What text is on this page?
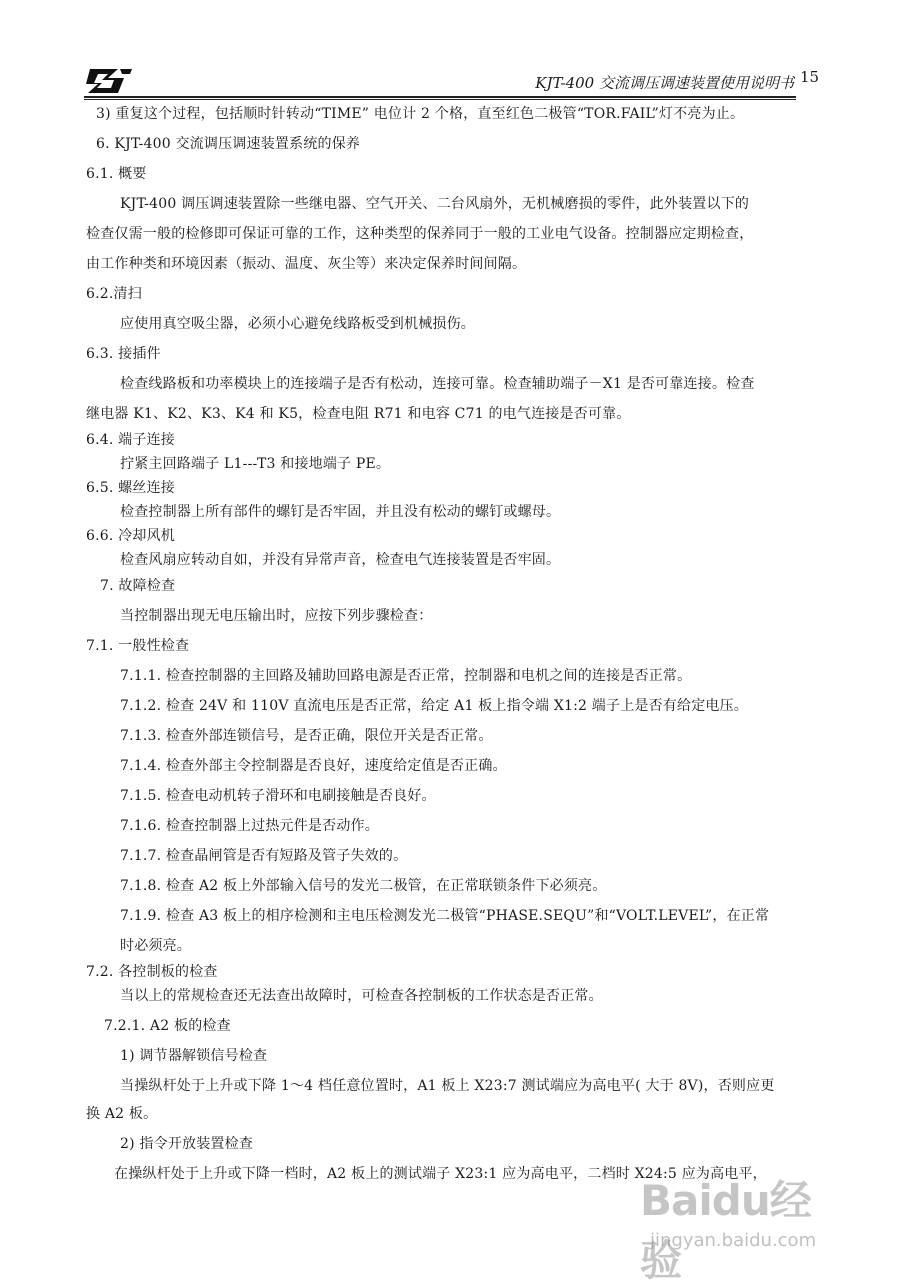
KJT-400 交流调压调速装置使用说明书 15
3) 重复这个过程，包括顺时针转动“TIME” 电位计 2 个格，直至红色二极管“TOR.FAIL”灯不亮为止。
6. KJT-400 交流调压调速装置系统的保养
6.1. 概要
KJT-400 调压调速装置除一些继电器、空气开关、二台风扇外，无机械磨损的零件，此外装置以下的
检查仅需一般的检修即可保证可靠的工作，这种类型的保养同于一般的工业电气设备。控制器应定期检查，
由工作种类和环境因素（振动、温度、灰尘等）来决定保养时间间隔。
6.2.清扫
应使用真空吸尘器，必须小心避免线路板受到机械损伤。
6.3. 接插件
检查线路板和功率模块上的连接端子是否有松动，连接可靠。检查辅助端子－X1 是否可靠连接。检查
继电器 K1、K2、K3、K4 和 K5，检查电阻 R71 和电容 C71 的电气连接是否可靠。
6.4. 端子连接
拧紧主回路端子 L1---T3 和接地端子 PE。
6.5. 螺丝连接
检查控制器上所有部件的螺钉是否牢固，并且没有松动的螺钉或螺母。
6.6. 冷却风机
检查风扇应转动自如，并没有异常声音，检查电气连接装置是否牢固。
7. 故障检查
当控制器出现无电压输出时，应按下列步骤检查：
7.1. 一般性检查
7.1.1. 检查控制器的主回路及辅助回路电源是否正常，控制器和电机之间的连接是否正常。
7.1.2. 检查 24V 和 110V 直流电压是否正常，给定 A1 板上指令端 X1:2 端子上是否有给定电压。
7.1.3. 检查外部连锁信号，是否正确，限位开关是否正常。
7.1.4. 检查外部主令控制器是否良好，速度给定值是否正确。
7.1.5. 检查电动机转子滑环和电刷接触是否良好。
7.1.6. 检查控制器上过热元件是否动作。
7.1.7. 检查晶闸管是否有短路及管子失效的。
7.1.8. 检查 A2 板上外部输入信号的发光二极管，在正常联锁条件下必须亮。
7.1.9. 检查 A3 板上的相序检测和主电压检测发光二极管“PHASE.SEQU”和“VOLT.LEVEL”，在正常
时必须亮。
7.2. 各控制板的检查
当以上的常规检查还无法查出故障时，可检查各控制板的工作状态是否正常。
7.2.1. A2 板的检查
1) 调节器解锁信号检查
当操纵杆处于上升或下降 1～4 档任意位置时，A1 板上 X23:7 测试端应为高电平( 大于 8V)，否则应更
换 A2 板。
2) 指令开放装置检查
在操纵杆处于上升或下降一档时，A2 板上的测试端子 X23:1 应为高电平，二档时 X24:5 应为高电平，
Baidu经验
jingyan.baidu.com
